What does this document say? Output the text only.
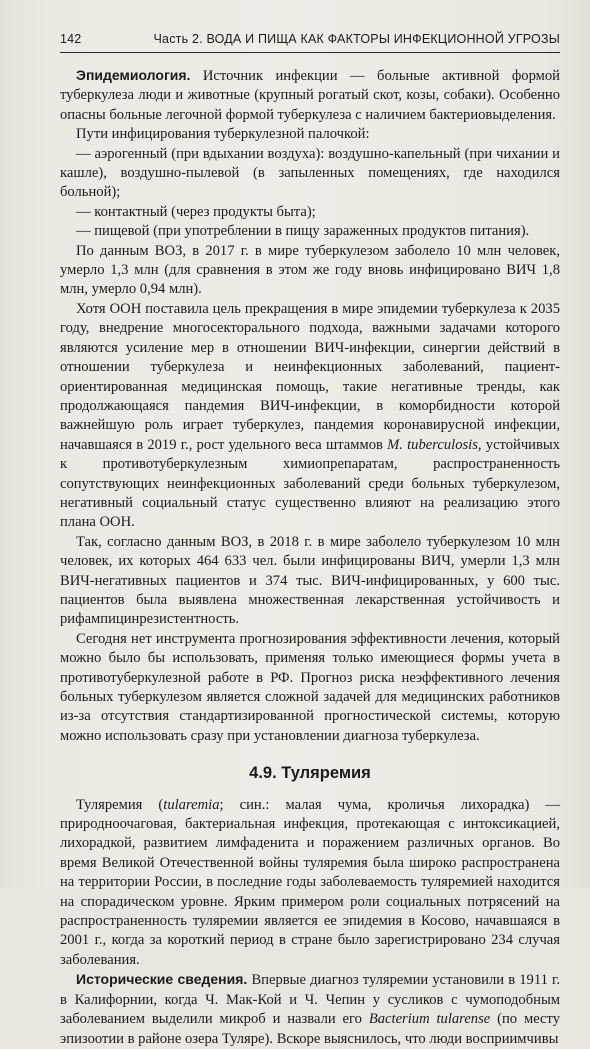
142	Часть 2. ВОДА И ПИЩА КАК ФАКТОРЫ ИНФЕКЦИОННОЙ УГРОЗЫ

Эпидемиология. Источник инфекции — больные активной формой туберкулеза люди и животные (крупный рогатый скот, козы, собаки). Особенно опасны больные легочной формой туберкулеза с наличием бактериовыделения.

Пути инфицирования туберкулезной палочкой:

— аэрогенный (при вдыхании воздуха): воздушно-капельный (при чихании и кашле), воздушно-пылевой (в запыленных помещениях, где находился больной);

— контактный (через продукты быта);

— пищевой (при употреблении в пищу зараженных продуктов питания).

По данным ВОЗ, в 2017 г. в мире туберкулезом заболело 10 млн человек, умерло 1,3 млн (для сравнения в этом же году вновь инфицировано ВИЧ 1,8 млн, умерло 0,94 млн).

Хотя ООН поставила цель прекращения в мире эпидемии туберкулеза к 2035 году, внедрение многосекторального подхода, важными задачами которого являются усиление мер в отношении ВИЧ-инфекции, синергии действий в отношении туберкулеза и неинфекционных заболеваний, пациент-ориентированная медицинская помощь, такие негативные тренды, как продолжающаяся пандемия ВИЧ-инфекции, в коморбидности которой важнейшую роль играет туберкулез, пандемия коронавирусной инфекции, начавшаяся в 2019 г., рост удельного веса штаммов M. tuberculosis, устойчивых к противотуберкулезным химиопрепаратам, распространенность сопутствующих неинфекционных заболеваний среди больных туберкулезом, негативный социальный статус существенно влияют на реализацию этого плана ООН.

Так, согласно данным ВОЗ, в 2018 г. в мире заболело туберкулезом 10 млн человек, их которых 464 633 чел. были инфицированы ВИЧ, умерли 1,3 млн ВИЧ-негативных пациентов и 374 тыс. ВИЧ-инфицированных, у 600 тыс. пациентов была выявлена множественная лекарственная устойчивость и рифампицинрезистентность.

Сегодня нет инструмента прогнозирования эффективности лечения, который можно было бы использовать, применяя только имеющиеся формы учета в противотуберкулезной работе в РФ. Прогноз риска неэффективного лечения больных туберкулезом является сложной задачей для медицинских работников из-за отсутствия стандартизированной прогностической системы, которую можно использовать сразу при установлении диагноза туберкулеза.

4.9. Туляремия

Туляремия (tularemia; син.: малая чума, кроличья лихорадка) — природноочаговая, бактериальная инфекция, протекающая с интоксикацией, лихорадкой, развитием лимфаденита и поражением различных органов. Во время Великой Отечественной войны туляремия была широко распространена на территории России, в последние годы заболеваемость туляремией находится на спорадическом уровне. Ярким примером роли социальных потрясений на распространенность туляремии является ее эпидемия в Косово, начавшаяся в 2001 г., когда за короткий период в стране было зарегистрировано 234 случая заболевания.

Исторические сведения. Впервые диагноз туляремии установили в 1911 г. в Калифорнии, когда Ч. Мак-Кой и Ч. Чепин у сусликов с чумоподобным заболеванием выделили микроб и назвали его Bacterium tularense (по месту эпизоотии в районе озера Туляре). Вскоре выяснилось, что люди восприимчивы
